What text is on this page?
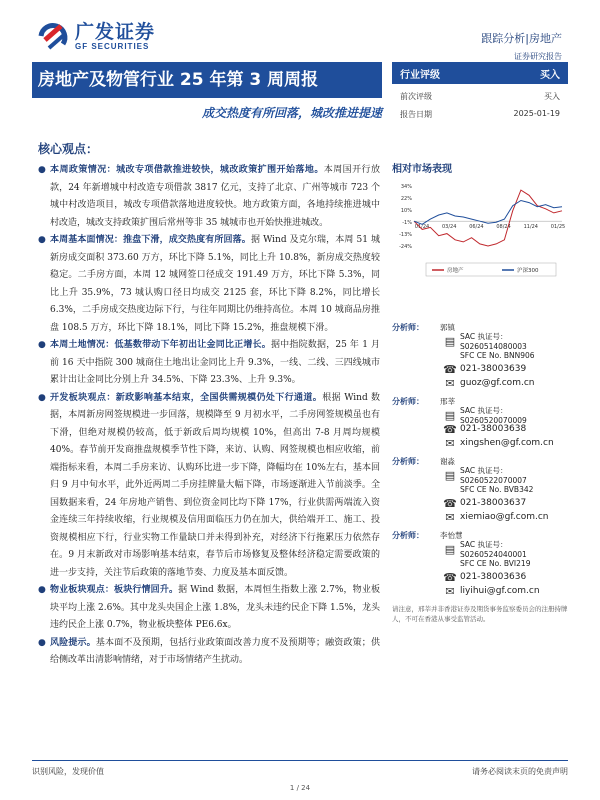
广发证券
GF SECURITIES
跟踪分析|房地产
证券研究报告
房地产及物管行业 25 年第 3 周周报
成交热度有所回落，城改推进提速
行业评级	买入
前次评级	买入
报告日期	2025-01-19
核心观点：
● 本周政策情况：城改专项借款推进较快，城改政策扩围开始落地。本周国开行放款，24 年新增城中村改造专项借款 3817 亿元，支持了北京、广州等城市 723 个城中村改造项目，城改专项借款落地进度较快。地方政策方面，各地持续推进城中村改造，城改支持政策扩围后常州等非 35 城城市也开始快推进城改。
● 本周基本面情况：推盘下滑，成交热度有所回落。据 Wind 及克尔瑞，本周 51 城新房成交面积 373.60 万方，环比下降 5.1%，同比上升 10.8%，新房成交热度较稳定。二手房方面，本周 12 城网签口径成交 191.49 万方，环比下降 5.3%，同比上升 35.9%，73 城认购口径日均成交 2125 套，环比下降 8.2%，同比增长 6.3%，二手房成交热度边际下行，与往年同期比仍维持高位。本周 10 城商品房推盘 108.5 万方，环比下降 18.1%，同比下降 15.2%，推盘规模下滑。
● 本周土地情况：低基数带动下年初出让金同比正增长。据中指院数据，25 年 1 月前 16 天中指院 300 城商住土地出让金同比上升 9.3%，一线、二线、三四线城市累计出让金同比分别上升 34.5%、下降 23.3%、上升 9.3%。
● 开发板块观点：新政影响基本结束，全国供需规模仍处下行通道。根据 Wind 数据，本周新房网签规模进一步回落，规模降至 9 月初水平，二手房网签规模虽也有下滑，但绝对规模仍较高，低于新政后周均规模 10%，但高出 7-8 月周均规模 40%。春节前开发商推盘规模季节性下降，来访、认购、网签规模也相应收缩，前端指标来看，本周二手房来访、认购环比进一步下降，降幅均在 10%左右，基本回归 9 月中旬水平，此外近两周二手房挂牌量大幅下降，市场逐渐进入节前淡季。全国数据来看，24 年房地产销售、到位资金同比均下降 17%，行业供需两端流入资金连续三年持续收缩，行业规模及信用面临压力仍在加大，供给端开工、施工、投资规模相应下行，行业实物工作量缺口并未得到补充，对经济下行拖累压力依然存在。9 月末新政对市场影响基本结束，春节后市场修复及整体经济稳定需要政策的进一步支持，关注节后政策的落地节奏、力度及基本面反馈。
● 物业板块观点：板块行情回升。据 Wind 数据，本周恒生指数上涨 2.7%，物业板块平均上涨 2.6%。其中龙头央国企上涨 1.8%，龙头未违约民企下降 1.5%，龙头违约民企上涨 0.7%，物业板块整体 PE6.6x。
● 风险提示。基本面不及预期，包括行业政策面改善力度不及预期等；融资政策；供给侧改革出清影响情绪，对于市场情绪产生扰动。
相对市场表现
34%
22%
10%
-1%
-13%
-24%
01/24	03/24	06/24	08/24	11/24	01/25
房地产	沪深300
分析师：	郭镇
▤ SAC 执证号：S0260514080003
SFC CE No. BNN906
☎ 021-38003639
✉ guoz@gf.com.cn
分析师：	邢莘
▤ SAC 执证号：S0260520070009
☎ 021-38003638
✉ xingshen@gf.com.cn
分析师：	谢淼
▤ SAC 执证号：S0260522070007
SFC CE No. BVB342
☎ 021-38003637
✉ xiemiao@gf.com.cn
分析师：	李怡慧
▤ SAC 执证号：S0260524040001
SFC CE No. BVI219
☎ 021-38003636
✉ liyihui@gf.com.cn
请注意，邢莘并非香港证券及期货事务监察委员会的注册持牌人，不可在香港从事受监管活动。
识别风险，发现价值	请务必阅读末页的免责声明
1 / 24
